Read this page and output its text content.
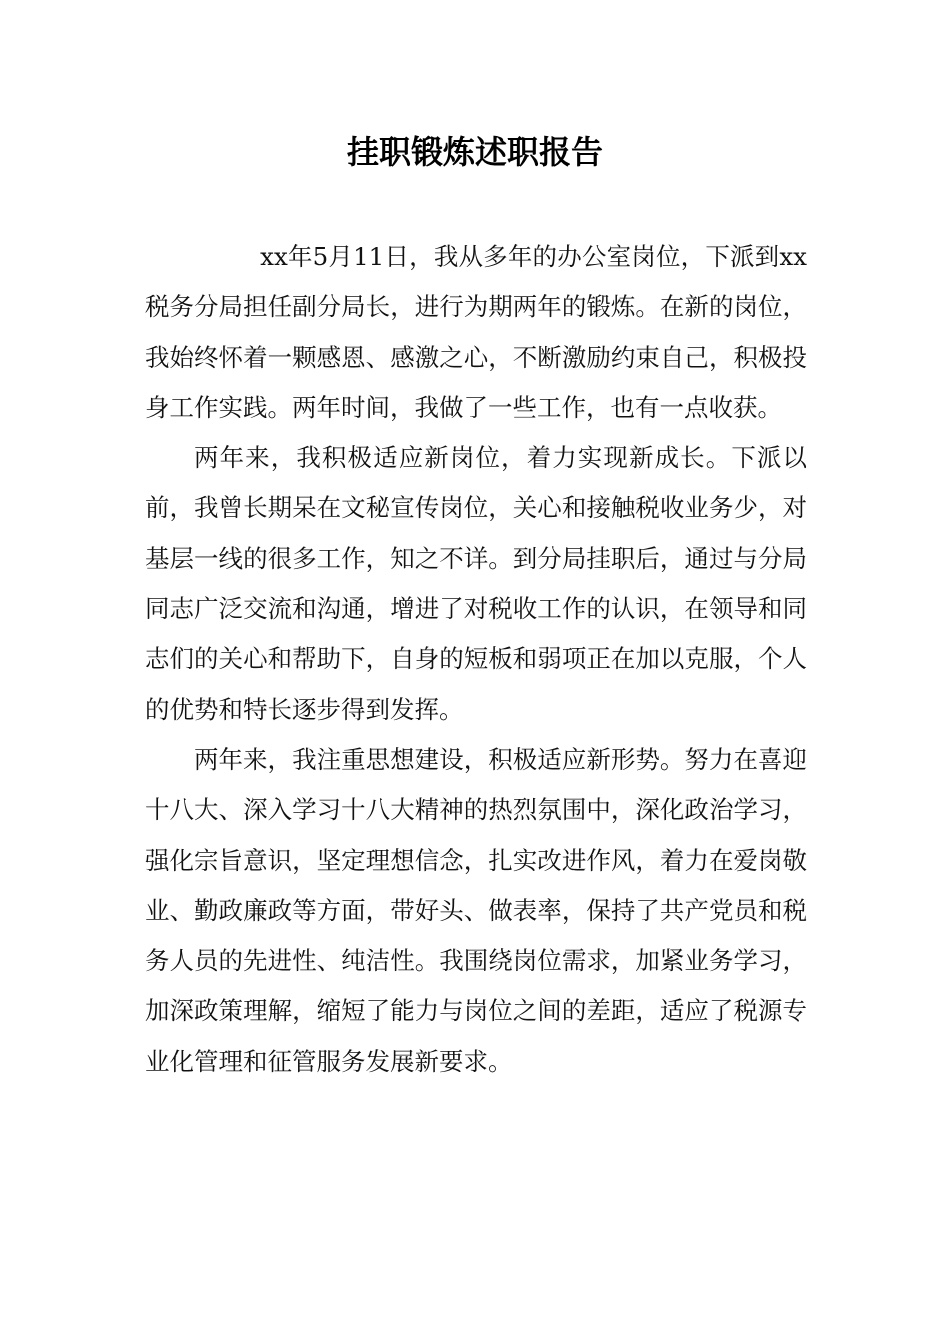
挂职锻炼述职报告

xx年5月11日，我从多年的办公室岗位，下派到xx税务分局担任副分局长，进行为期两年的锻炼。在新的岗位，我始终怀着一颗感恩、感激之心，不断激励约束自己，积极投身工作实践。两年时间，我做了一些工作，也有一点收获。

两年来，我积极适应新岗位，着力实现新成长。下派以前，我曾长期呆在文秘宣传岗位，关心和接触税收业务少，对基层一线的很多工作，知之不详。到分局挂职后，通过与分局同志广泛交流和沟通，增进了对税收工作的认识，在领导和同志们的关心和帮助下，自身的短板和弱项正在加以克服，个人的优势和特长逐步得到发挥。

两年来，我注重思想建设，积极适应新形势。努力在喜迎十八大、深入学习十八大精神的热烈氛围中，深化政治学习，强化宗旨意识，坚定理想信念，扎实改进作风，着力在爱岗敬业、勤政廉政等方面，带好头、做表率，保持了共产党员和税务人员的先进性、纯洁性。我围绕岗位需求，加紧业务学习，加深政策理解，缩短了能力与岗位之间的差距，适应了税源专业化管理和征管服务发展新要求。
